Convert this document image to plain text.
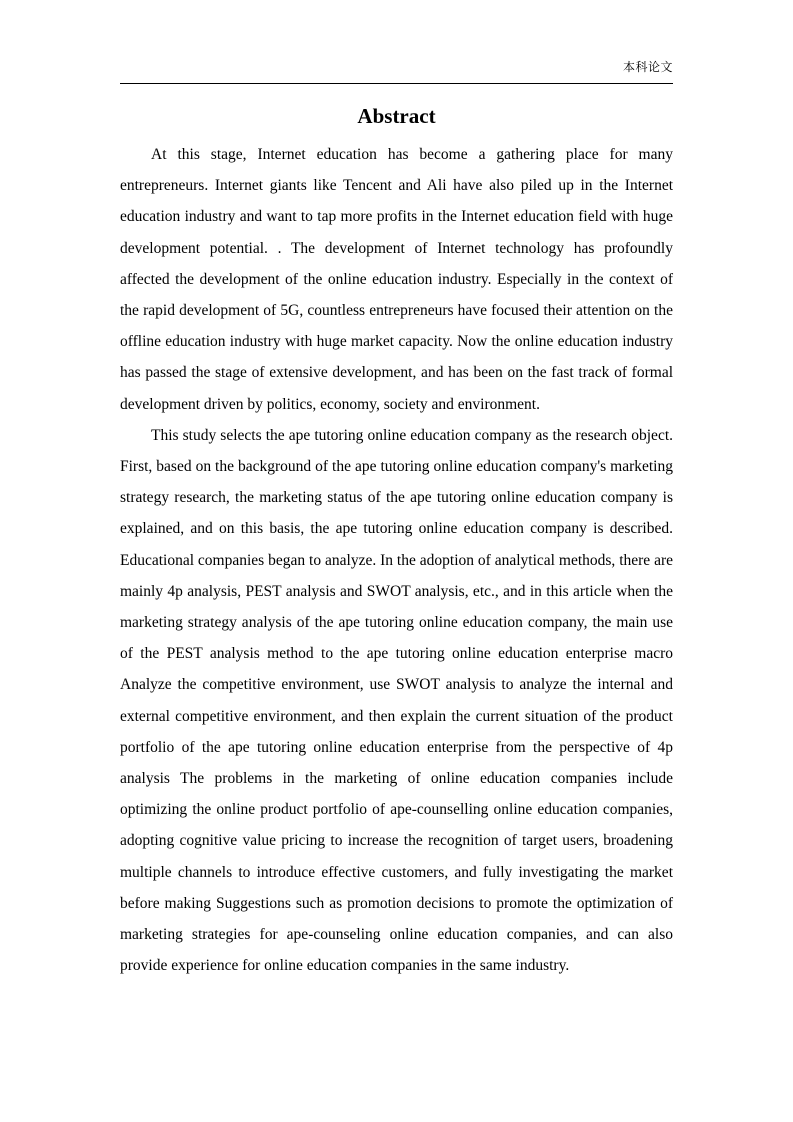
本科论文
Abstract

At this stage, Internet education has become a gathering place for many entrepreneurs. Internet giants like Tencent and Ali have also piled up in the Internet education industry and want to tap more profits in the Internet education field with huge development potential. . The development of Internet technology has profoundly affected the development of the online education industry. Especially in the context of the rapid development of 5G, countless entrepreneurs have focused their attention on the offline education industry with huge market capacity. Now the online education industry has passed the stage of extensive development, and has been on the fast track of formal development driven by politics, economy, society and environment.

This study selects the ape tutoring online education company as the research object. First, based on the background of the ape tutoring online education company's marketing strategy research, the marketing status of the ape tutoring online education company is explained, and on this basis, the ape tutoring online education company is described. Educational companies began to analyze. In the adoption of analytical methods, there are mainly 4p analysis, PEST analysis and SWOT analysis, etc., and in this article when the marketing strategy analysis of the ape tutoring online education company, the main use of the PEST analysis method to the ape tutoring online education enterprise macro Analyze the competitive environment, use SWOT analysis to analyze the internal and external competitive environment, and then explain the current situation of the product portfolio of the ape tutoring online education enterprise from the perspective of 4p analysis The problems in the marketing of online education companies include optimizing the online product portfolio of ape-counselling online education companies, adopting cognitive value pricing to increase the recognition of target users, broadening multiple channels to introduce effective customers, and fully investigating the market before making Suggestions such as promotion decisions to promote the optimization of marketing strategies for ape-counseling online education companies, and can also provide experience for online education companies in the same industry.
